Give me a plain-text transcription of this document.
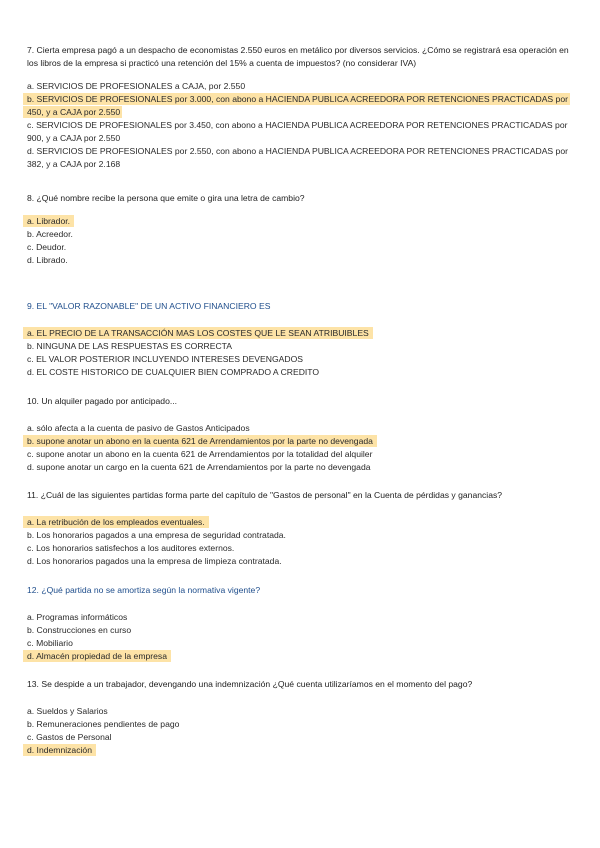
7. Cierta empresa pagó a un despacho de economistas 2.550 euros en metálico por diversos servicios. ¿Cómo se registrará esa operación en los libros de la empresa si practicó una retención del 15% a cuenta de impuestos? (no considerar IVA)

a. SERVICIOS DE PROFESIONALES a CAJA, por 2.550

b. SERVICIOS DE PROFESIONALES por 3.000, con abono a HACIENDA PUBLICA ACREEDORA POR RETENCIONES PRACTICADAS por 450, y a CAJA por 2.550

c. SERVICIOS DE PROFESIONALES por 3.450, con abono a HACIENDA PUBLICA ACREEDORA POR RETENCIONES PRACTICADAS por 900, y a CAJA por 2.550

d. SERVICIOS DE PROFESIONALES por 2.550, con abono a HACIENDA PUBLICA ACREEDORA POR RETENCIONES PRACTICADAS por 382, y a CAJA por 2.168

8. ¿Qué nombre recibe la persona que emite o gira una letra de cambio?

a. Librador.

b. Acreedor.

c. Deudor.

d. Librado.

9. EL "VALOR RAZONABLE" DE UN ACTIVO FINANCIERO ES

a. EL PRECIO DE LA TRANSACCIÓN MAS LOS COSTES QUE LE SEAN ATRIBUIBLES

b. NINGUNA DE LAS RESPUESTAS ES CORRECTA

c. EL VALOR POSTERIOR INCLUYENDO INTERESES DEVENGADOS

d. EL COSTE HISTORICO DE CUALQUIER BIEN COMPRADO A CREDITO

10. Un alquiler pagado por anticipado...

a. sólo afecta a la cuenta de pasivo de Gastos Anticipados

b. supone anotar un abono en la cuenta 621 de Arrendamientos por la parte no devengada

c. supone anotar un abono en la cuenta 621 de Arrendamientos por la totalidad del alquiler

d. supone anotar un cargo en la cuenta 621 de Arrendamientos por la parte no devengada

11. ¿Cuál de las siguientes partidas forma parte del capítulo de "Gastos de personal" en la Cuenta de pérdidas y ganancias?

a. La retribución de los empleados eventuales.

b. Los honorarios pagados a una empresa de seguridad contratada.

c. Los honorarios satisfechos a los auditores externos.

d. Los honorarios pagados una la empresa de limpieza contratada.

12. ¿Qué partida no se amortiza según la normativa vigente?

a. Programas informáticos

b. Construcciones en curso

c. Mobiliario

d. Almacén propiedad de la empresa

13. Se despide a un trabajador, devengando una indemnización ¿Qué cuenta utilizaríamos en el momento del pago?

a. Sueldos y Salarios

b. Remuneraciones pendientes de pago

c. Gastos de Personal

d. Indemnización
